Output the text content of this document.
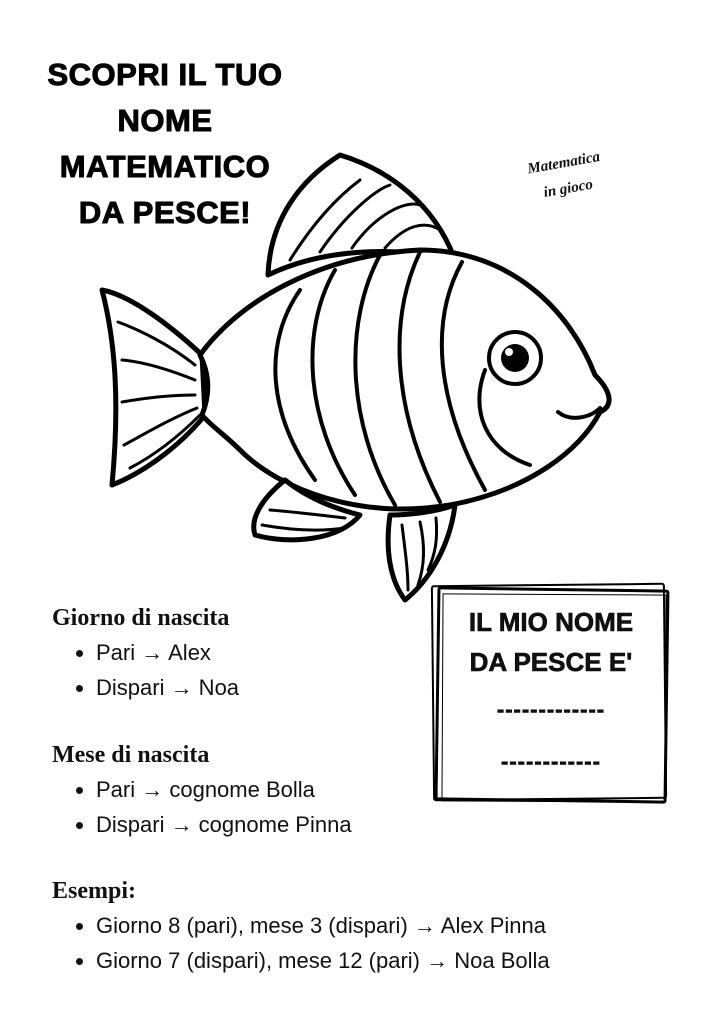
SCOPRI IL TUO
NOME
MATEMATICO
DA PESCE!
Matematica
in gioco
IL MIO NOME
DA PESCE E'
-------------
------------
Giorno di nascita
• Pari → Alex
• Dispari → Noa
Mese di nascita
• Pari → cognome Bolla
• Dispari → cognome Pinna
Esempi:
• Giorno 8 (pari), mese 3 (dispari) → Alex Pinna
• Giorno 7 (dispari), mese 12 (pari) → Noa Bolla
